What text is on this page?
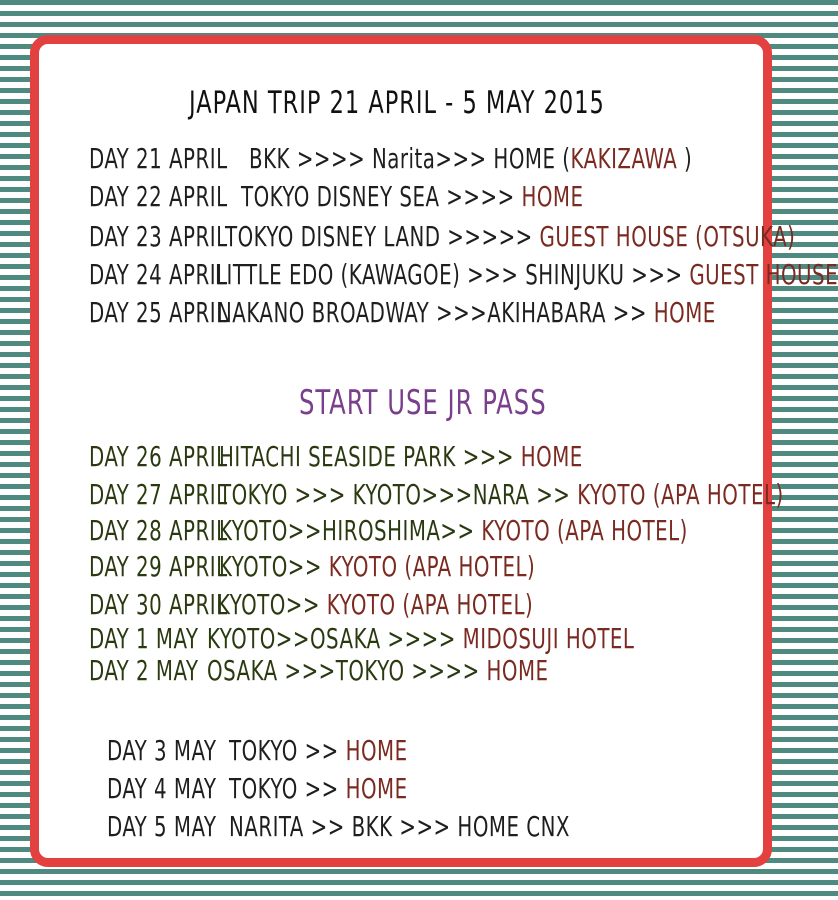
JAPAN TRIP 21 APRIL - 5 MAY 2015
DAY 21 APRIL BKK >>>> Narita>>> HOME (KAKIZAWA )
DAY 22 APRIL TOKYO DISNEY SEA >>>> HOME
DAY 23 APRILTOKYO DISNEY LAND >>>>> GUEST HOUSE (OTSUKA)
DAY 24 APRILLITTLE EDO (KAWAGOE) >>> SHINJUKU >>> GUEST HOUSE
DAY 25 APRILNAKANO BROADWAY >>>AKIHABARA >> HOME
START USE JR PASS
DAY 26 APRILHITACHI SEASIDE PARK >>> HOME
DAY 27 APRILTOKYO >>> KYOTO>>>NARA >> KYOTO (APA HOTEL)
DAY 28 APRILKYOTO>>HIROSHIMA>> KYOTO (APA HOTEL)
DAY 29 APRILKYOTO>> KYOTO (APA HOTEL)
DAY 30 APRILKYOTO>> KYOTO (APA HOTEL)
DAY 1 MAY KYOTO>>OSAKA >>>> MIDOSUJI HOTEL
DAY 2 MAY OSAKA >>>TOKYO >>>> HOME
DAY 3 MAY TOKYO >> HOME
DAY 4 MAY TOKYO >> HOME
DAY 5 MAY NARITA >> BKK >>> HOME CNX
